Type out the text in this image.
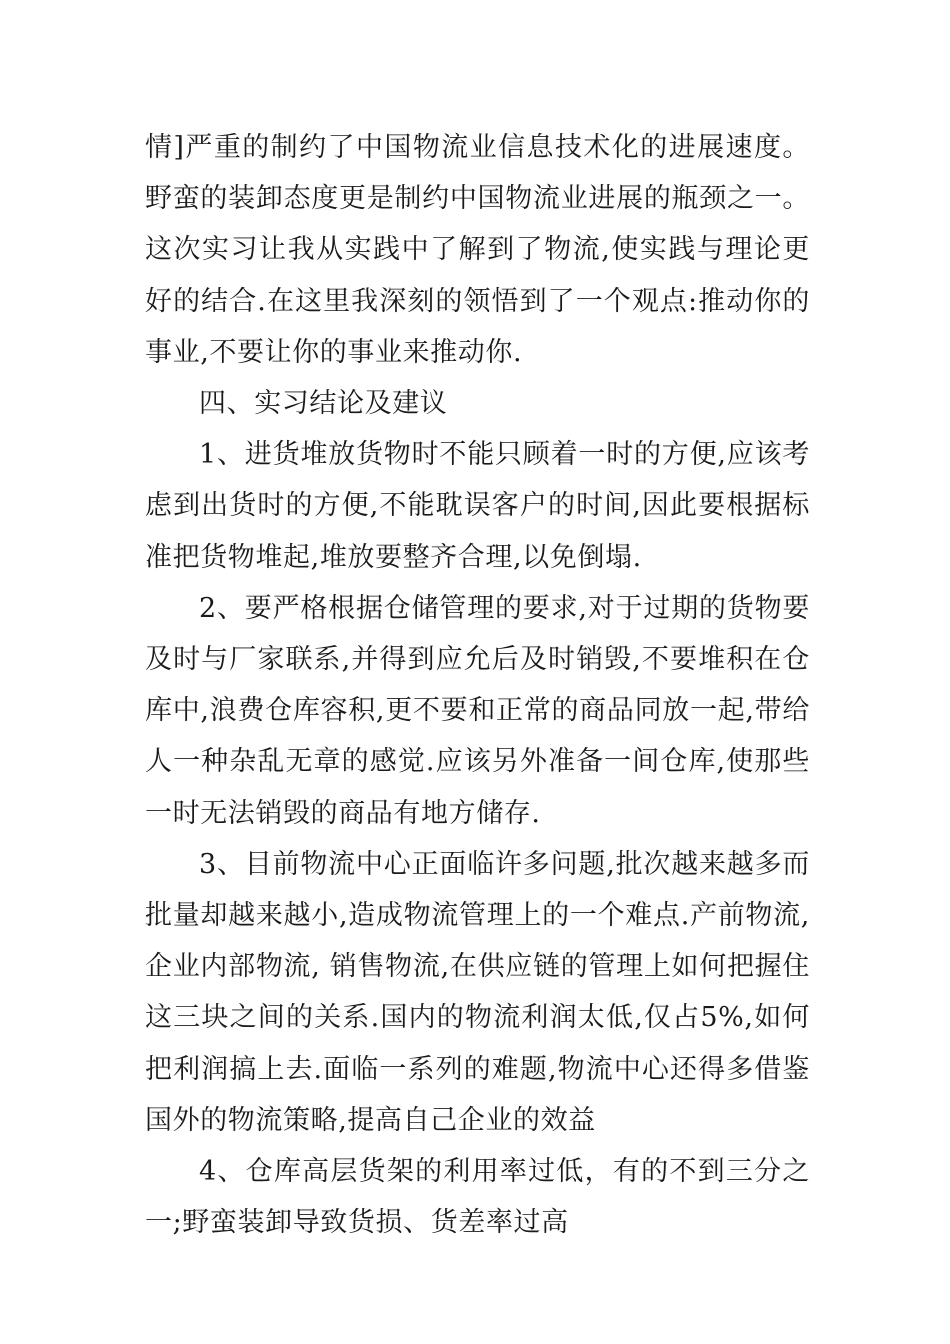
情]严重的制约了中国物流业信息技术化的进展速度。野蛮的装卸态度更是制约中国物流业进展的瓶颈之一。这次实习让我从实践中了解到了物流,使实践与理论更好的结合.在这里我深刻的领悟到了一个观点:推动你的事业,不要让你的事业来推动你.

四、实习结论及建议

1、进货堆放货物时不能只顾着一时的方便,应该考虑到出货时的方便,不能耽误客户的时间,因此要根据标准把货物堆起,堆放要整齐合理,以免倒塌.

2、要严格根据仓储管理的要求,对于过期的货物要及时与厂家联系,并得到应允后及时销毁,不要堆积在仓库中,浪费仓库容积,更不要和正常的商品同放一起,带给人一种杂乱无章的感觉.应该另外准备一间仓库,使那些一时无法销毁的商品有地方储存.

3、目前物流中心正面临许多问题,批次越来越多而批量却越来越小,造成物流管理上的一个难点.产前物流,企业内部物流, 销售物流,在供应链的管理上如何把握住这三块之间的关系.国内的物流利润太低,仅占5%,如何把利润搞上去.面临一系列的难题,物流中心还得多借鉴国外的物流策略,提高自己企业的效益

4、仓库高层货架的利用率过低，有的不到三分之一;野蛮装卸导致货损、货差率过高
